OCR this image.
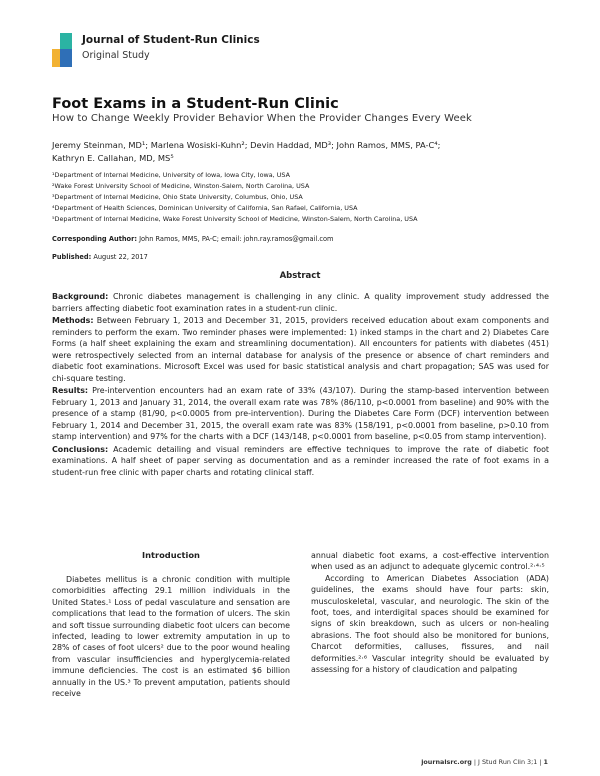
Journal of Student-Run Clinics
Original Study
Foot Exams in a Student-Run Clinic
How to Change Weekly Provider Behavior When the Provider Changes Every Week
Jeremy Steinman, MD¹; Marlena Wosiski-Kuhn²; Devin Haddad, MD³; John Ramos, MMS, PA-C⁴;
Kathryn E. Callahan, MD, MS⁵
¹Department of Internal Medicine, University of Iowa, Iowa City, Iowa, USA
²Wake Forest University School of Medicine, Winston-Salem, North Carolina, USA
³Department of Internal Medicine, Ohio State University, Columbus, Ohio, USA
⁴Department of Health Sciences, Dominican University of California, San Rafael, California, USA
⁵Department of Internal Medicine, Wake Forest University School of Medicine, Winston-Salem, North Carolina, USA
Corresponding Author: John Ramos, MMS, PA-C; email: john.ray.ramos@gmail.com
Published: August 22, 2017
Abstract

Background: Chronic diabetes management is challenging in any clinic. A quality improvement study addressed the barriers affecting diabetic foot examination rates in a student-run clinic.

Methods: Between February 1, 2013 and December 31, 2015, providers received education about exam components and reminders to perform the exam. Two reminder phases were implemented: 1) inked stamps in the chart and 2) Diabetes Care Forms (a half sheet explaining the exam and streamlining documentation). All encounters for patients with diabetes (451) were retrospectively selected from an internal database for analysis of the presence or absence of chart reminders and diabetic foot examinations. Microsoft Excel was used for basic statistical analysis and chart propagation; SAS was used for chi-square testing.

Results: Pre-intervention encounters had an exam rate of 33% (43/107). During the stamp-based intervention between February 1, 2013 and January 31, 2014, the overall exam rate was 78% (86/110, p<0.0001 from baseline) and 90% with the presence of a stamp (81/90, p<0.0005 from pre-intervention). During the Diabetes Care Form (DCF) intervention between February 1, 2014 and December 31, 2015, the overall exam rate was 83% (158/191, p<0.0001 from baseline, p>0.10 from stamp intervention) and 97% for the charts with a DCF (143/148, p<0.0001 from baseline, p<0.05 from stamp intervention).

Conclusions: Academic detailing and visual reminders are effective techniques to improve the rate of diabetic foot examinations. A half sheet of paper serving as documentation and as a reminder increased the rate of foot exams in a student-run free clinic with paper charts and rotating clinical staff.

Introduction

Diabetes mellitus is a chronic condition with multiple comorbidities affecting 29.1 million individuals in the United States.¹ Loss of pedal vasculature and sensation are complications that lead to the formation of ulcers. The skin and soft tissue surrounding diabetic foot ulcers can become infected, leading to lower extremity amputation in up to 28% of cases of foot ulcers² due to the poor wound healing from vascular insufficiencies and hyperglycemia-related immune deficiencies. The cost is an estimated $6 billion annually in the US.³ To prevent amputation, patients should receive

annual diabetic foot exams, a cost-effective intervention when used as an adjunct to adequate glycemic control.²·⁴·⁵

According to American Diabetes Association (ADA) guidelines, the exams should have four parts: skin, musculoskeletal, vascular, and neurologic. The skin of the foot, toes, and interdigital spaces should be examined for signs of skin breakdown, such as ulcers or non-healing abrasions. The foot should also be monitored for bunions, Charcot deformities, calluses, fissures, and nail deformities.²·⁶ Vascular integrity should be evaluated by assessing for a history of claudication and palpating

journalsrc.org | J Stud Run Clin 3;1 | 1
